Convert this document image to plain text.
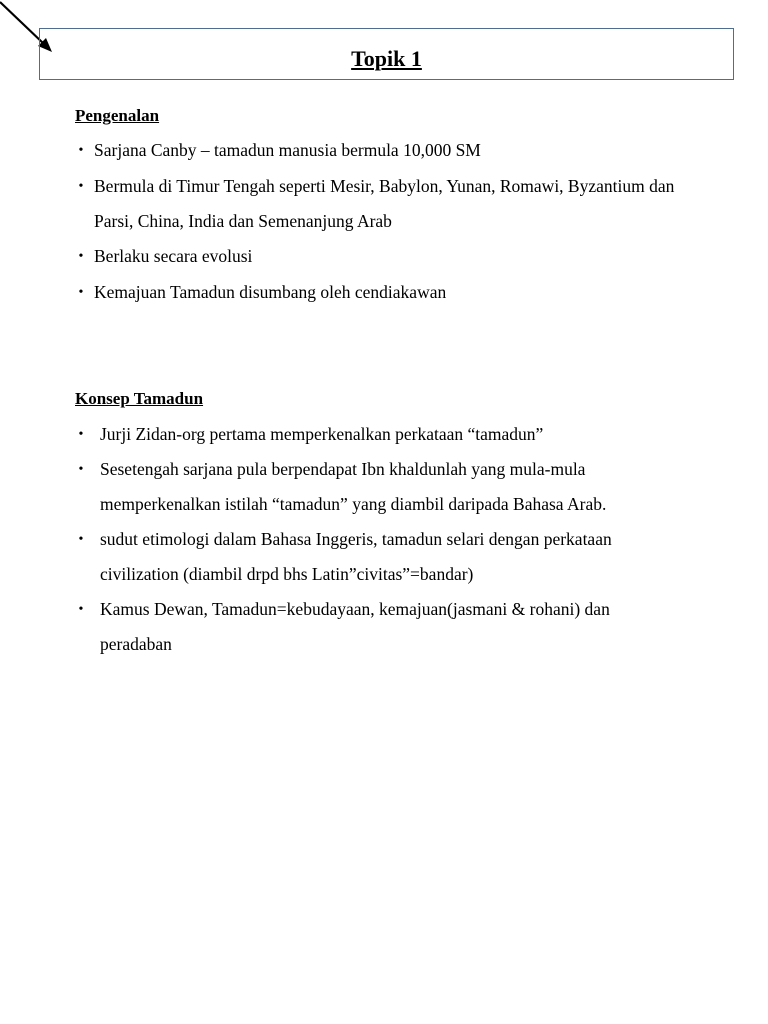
Topik 1
Pengenalan
• Sarjana Canby – tamadun manusia bermula 10,000 SM
• Bermula di Timur Tengah seperti Mesir, Babylon, Yunan, Romawi, Byzantium dan Parsi, China, India dan Semenanjung Arab
• Berlaku secara evolusi
• Kemajuan Tamadun disumbang oleh cendiakawan
Konsep Tamadun
• Jurji Zidan-org pertama memperkenalkan perkataan “tamadun”
• Sesetengah sarjana pula berpendapat Ibn khaldunlah yang mula-mula memperkenalkan istilah “tamadun” yang diambil daripada Bahasa Arab.
• sudut etimologi dalam Bahasa Inggeris, tamadun selari dengan perkataan civilization (diambil drpd bhs Latin”civitas”=bandar)
• Kamus Dewan, Tamadun=kebudayaan, kemajuan(jasmani & rohani) dan peradaban
